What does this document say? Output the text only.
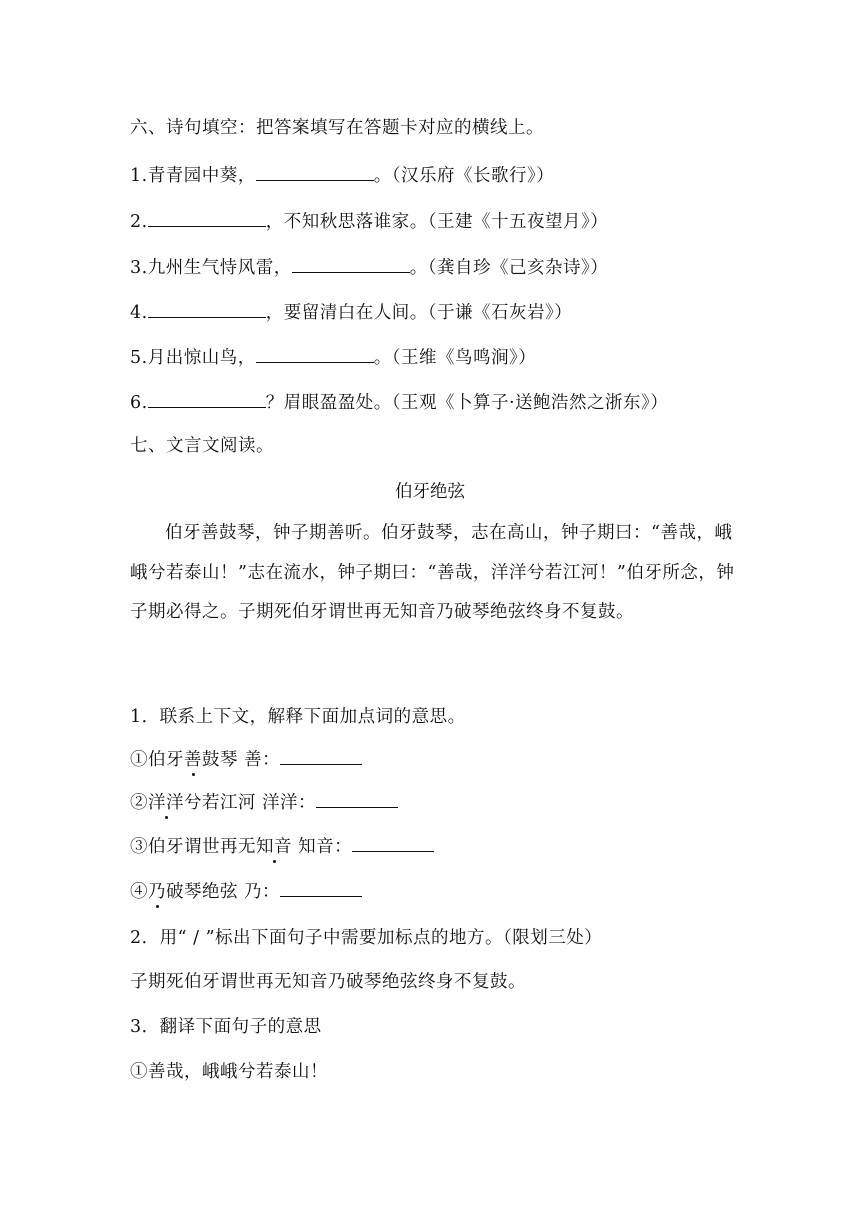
六、诗句填空：把答案填写在答题卡对应的横线上。
1.青青园中葵，	。（汉乐府《长歌行》）
2.	，不知秋思落谁家。（王建《十五夜望月》）
3.九州生气恃风雷，	。（龚自珍《己亥杂诗》）
4.	，要留清白在人间。（于谦《石灰岩》）
5.月出惊山鸟，	。（王维《鸟鸣涧》）
6.	？眉眼盈盈处。（王观《卜算子·送鲍浩然之浙东》）
七、文言文阅读。
伯牙绝弦
伯牙善鼓琴，钟子期善听。伯牙鼓琴，志在高山，钟子期曰：“善哉，峨峨兮若泰山！”志在流水，钟子期曰：“善哉，洋洋兮若江河！”伯牙所念，钟子期必得之。子期死伯牙谓世再无知音乃破琴绝弦终身不复鼓。
1．联系上下文，解释下面加点词的意思。
①伯牙善鼓琴 善：
②洋洋兮若江河 洋洋：
③伯牙谓世再无知音 知音：
④乃破琴绝弦 乃：
2．用“ / ”标出下面句子中需要加标点的地方。（限划三处）
子期死伯牙谓世再无知音乃破琴绝弦终身不复鼓。
3．翻译下面句子的意思
①善哉，峨峨兮若泰山！
